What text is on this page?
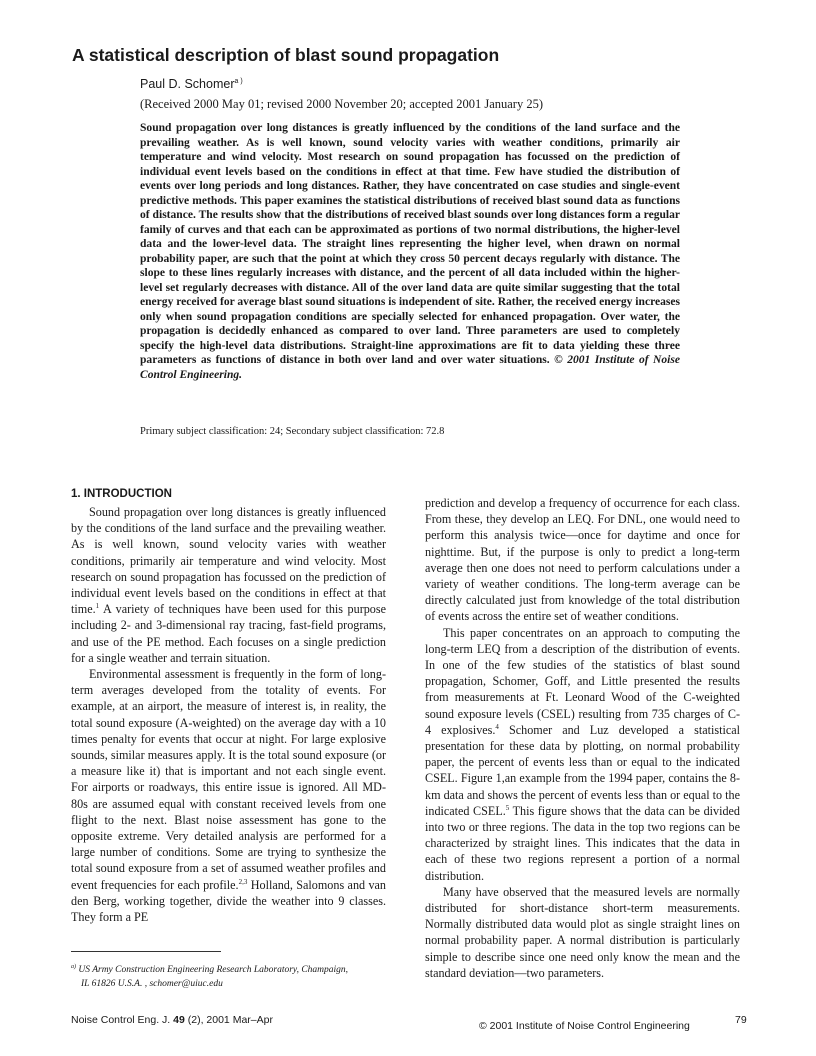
A statistical description of blast sound propagation
Paul D. Schomer$^{a )}$
(Received 2000 May 01; revised 2000 November 20; accepted 2001 January 25)

Sound propagation over long distances is greatly influenced by the conditions of the land surface and the prevailing weather. As is well known, sound velocity varies with weather conditions, primarily air temperature and wind velocity. Most research on sound propagation has focussed on the prediction of individual event levels based on the conditions in effect at that time. Few have studied the distribution of events over long periods and long distances. Rather, they have concentrated on case studies and single-event predictive methods. This paper examines the statistical distributions of received blast sound data as functions of distance. The results show that the distributions of received blast sounds over long distances form a regular family of curves and that each can be approximated as portions of two normal distributions, the higher-level data and the lower-level data. The straight lines representing the higher level, when drawn on normal probability paper, are such that the point at which they cross 50 percent decays regularly with distance. The slope to these lines regularly increases with distance, and the percent of all data included within the higher-level set regularly decreases with distance. All of the over land data are quite similar suggesting that the total energy received for average blast sound situations is independent of site. Rather, the received energy increases only when sound propagation conditions are specially selected for enhanced propagation. Over water, the propagation is decidedly enhanced as compared to over land. Three parameters are used to completely specify the high-level data distributions. Straight-line approximations are fit to data yielding these three parameters as functions of distance in both over land and over water situations. © 2001 Institute of Noise Control Engineering.

Primary subject classification: 24; Secondary subject classification: 72.8
1. INTRODUCTION

Sound propagation over long distances is greatly influenced by the conditions of the land surface and the prevailing weather. As is well known, sound velocity varies with weather conditions, primarily air temperature and wind velocity. Most research on sound propagation has focussed on the prediction of individual event levels based on the conditions in effect at that time.$^1$ A variety of techniques have been used for this purpose including 2- and 3-dimensional ray tracing, fast-field programs, and use of the PE method. Each focuses on a single prediction for a single weather and terrain situation.

Environmental assessment is frequently in the form of long-term averages developed from the totality of events. For example, at an airport, the measure of interest is, in reality, the total sound exposure (A-weighted) on the average day with a 10 times penalty for events that occur at night. For large explosive sounds, similar measures apply. It is the total sound exposure (or a measure like it) that is important and not each single event. For airports or roadways, this entire issue is ignored. All MD-80s are assumed equal with constant received levels from one flight to the next. Blast noise assessment has gone to the opposite extreme. Very detailed analysis are performed for a large number of conditions. Some are trying to synthesize the total sound exposure from a set of assumed weather profiles and event frequencies for each profile.$^{2,3}$ Holland, Salomons and van den Berg, working together, divide the weather into 9 classes. They form a PE

prediction and develop a frequency of occurrence for each class. From these, they develop an LEQ. For DNL, one would need to perform this analysis twice—once for daytime and once for nighttime. But, if the purpose is only to predict a long-term average then one does not need to perform calculations under a variety of weather conditions. The long-term average can be directly calculated just from knowledge of the total distribution of events across the entire set of weather conditions.

This paper concentrates on an approach to computing the long-term LEQ from a description of the distribution of events. In one of the few studies of the statistics of blast sound propagation, Schomer, Goff, and Little presented the results from measurements at Ft. Leonard Wood of the C-weighted sound exposure levels (CSEL) resulting from 735 charges of C-4 explosives.$^4$ Schomer and Luz developed a statistical presentation for these data by plotting, on normal probability paper, the percent of events less than or equal to the indicated CSEL. Figure 1,an example from the 1994 paper, contains the 8-km data and shows the percent of events less than or equal to the indicated CSEL.$^5$ This figure shows that the data can be divided into two or three regions. The data in the top two regions can be characterized by straight lines. This indicates that the data in each of these two regions represent a portion of a normal distribution.

Many have observed that the measured levels are normally distributed for short-distance short-term measurements. Normally distributed data would plot as single straight lines on normal probability paper. A normal distribution is particularly simple to describe since one need only know the mean and the standard deviation—two parameters.

$^{a)}$ US Army Construction Engineering Research Laboratory, Champaign,
IL 61826 U.S.A. , schomer@uiuc.edu
Noise Control Eng. J. 49 (2), 2001 Mar–Apr	© 2001 Institute of Noise Control Engineering	79
